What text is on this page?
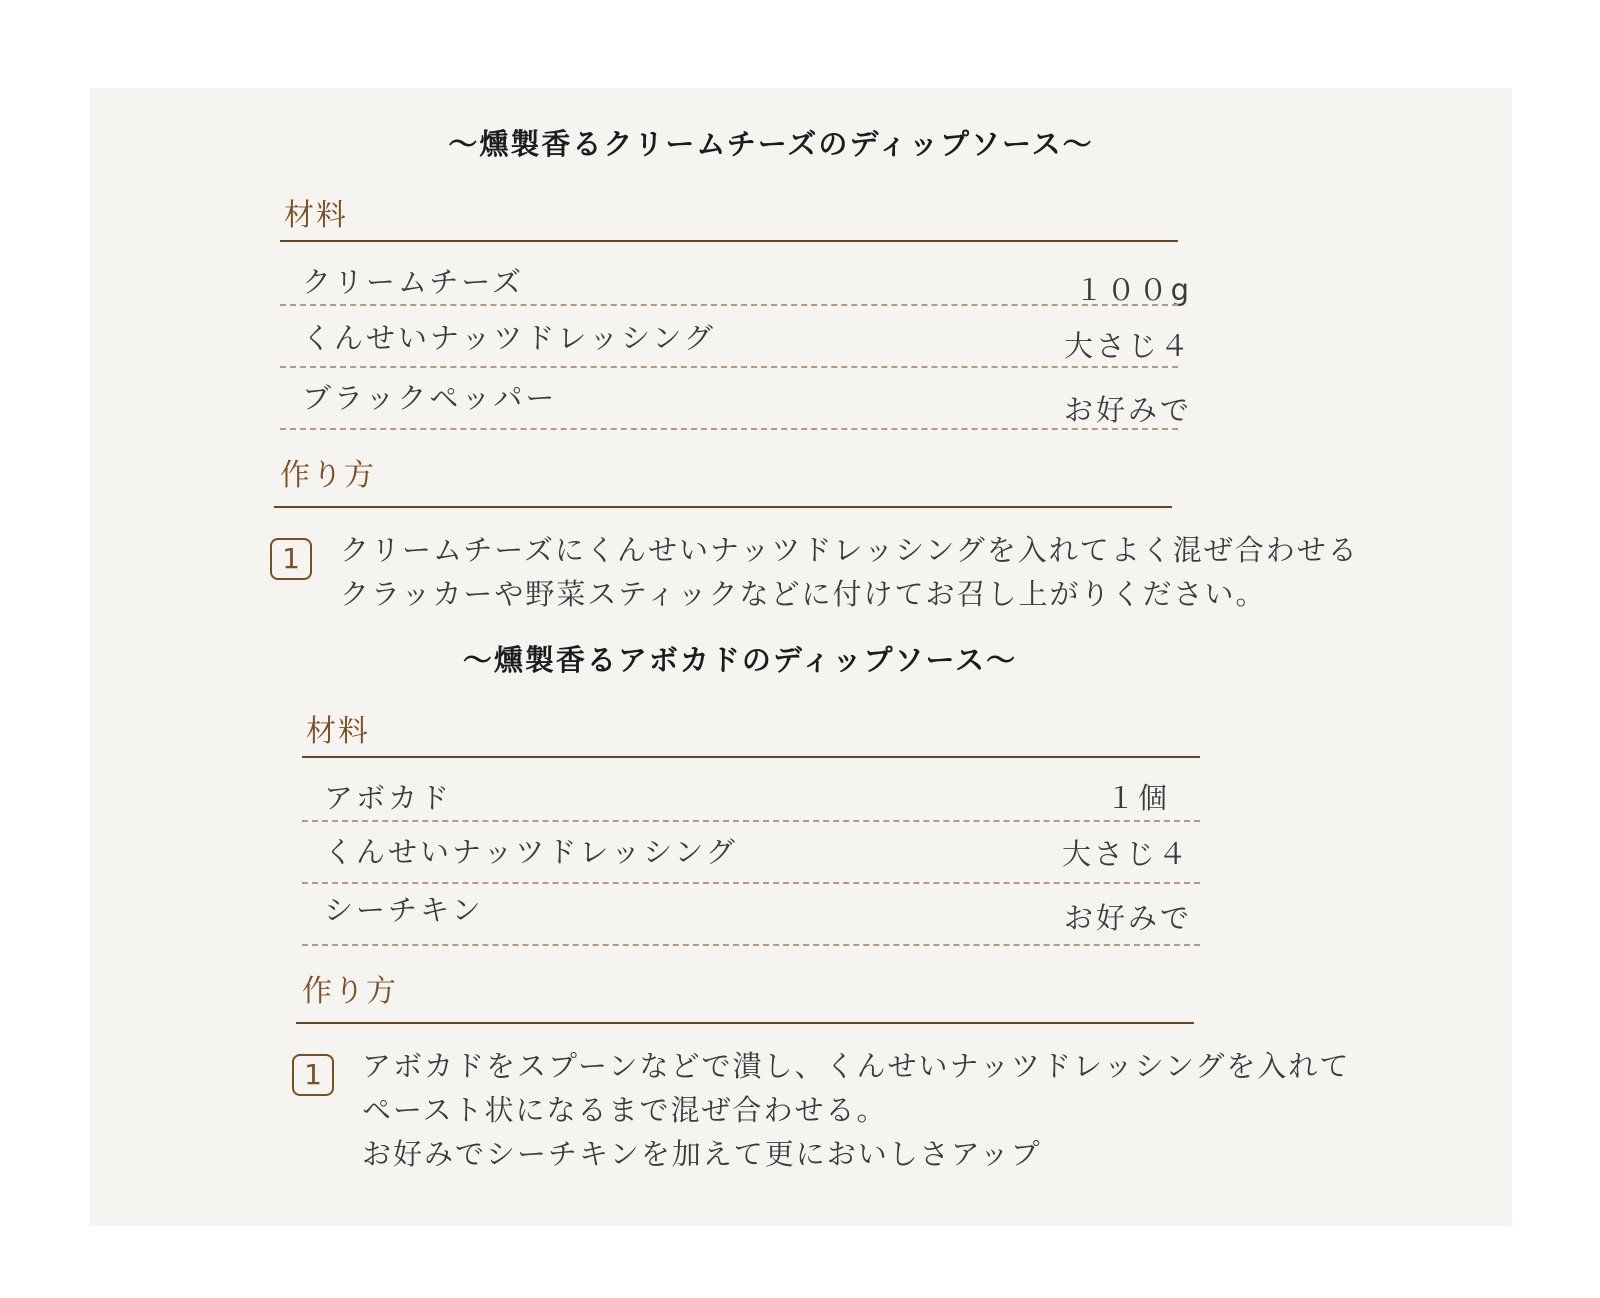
〜燻製香るクリームチーズのディップソース〜
材料
クリームチーズ	１００g
くんせいナッツドレッシング	大さじ４
ブラックペッパー	お好みで
作り方
1	クリームチーズにくんせいナッツドレッシングを入れてよく混ぜ合わせる
クラッカーや野菜スティックなどに付けてお召し上がりください。
〜燻製香るアボカドのディップソース〜
材料
アボカド	１個
くんせいナッツドレッシング	大さじ４
シーチキン	お好みで
作り方
1	アボカドをスプーンなどで潰し、くんせいナッツドレッシングを入れて
ペースト状になるまで混ぜ合わせる。
お好みでシーチキンを加えて更においしさアップ
